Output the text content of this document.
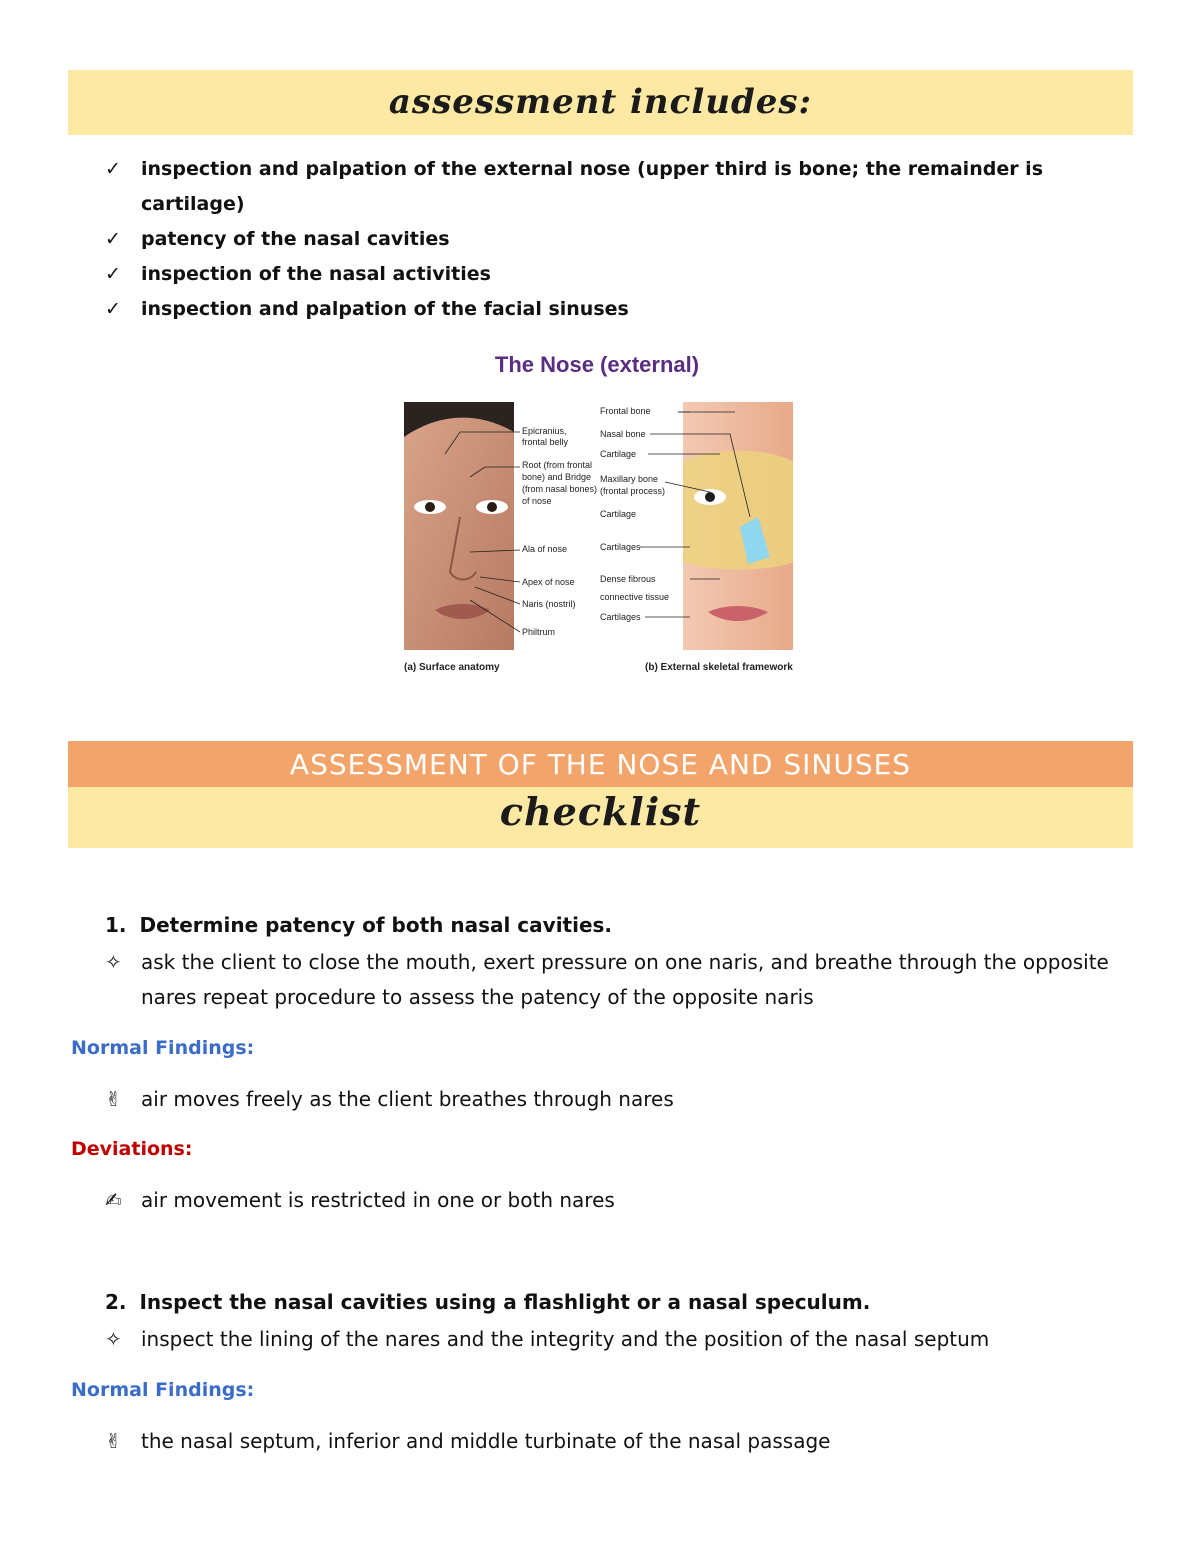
assessment includes:
✓ inspection and palpation of the external nose (upper third is bone; the remainder is cartilage)
✓ patency of the nasal cavities
✓ inspection of the nasal activities
✓ inspection and palpation of the facial sinuses
The Nose (external)
Epicranius,
frontal belly
Root (from frontal
bone) and Bridge
(from nasal bones)
of nose
Ala of nose
Apex of nose
Naris (nostril)
Philtrum
Frontal bone
Nasal bone
Cartilage
Maxillary bone
(frontal process)
Cartilage
Cartilages
Dense fibrous
connective tissue
Cartilages
(a) Surface anatomy	(b) External skeletal framework
ASSESSMENT OF THE NOSE AND SINUSES
checklist
1. Determine patency of both nasal cavities.
✧ ask the client to close the mouth, exert pressure on one naris, and breathe through the opposite nares repeat procedure to assess the patency of the opposite naris
Normal Findings:
✌ air moves freely as the client breathes through nares
Deviations:
✍ air movement is restricted in one or both nares
2. Inspect the nasal cavities using a flashlight or a nasal speculum.
✧ inspect the lining of the nares and the integrity and the position of the nasal septum
Normal Findings:
✌ the nasal septum, inferior and middle turbinate of the nasal passage
